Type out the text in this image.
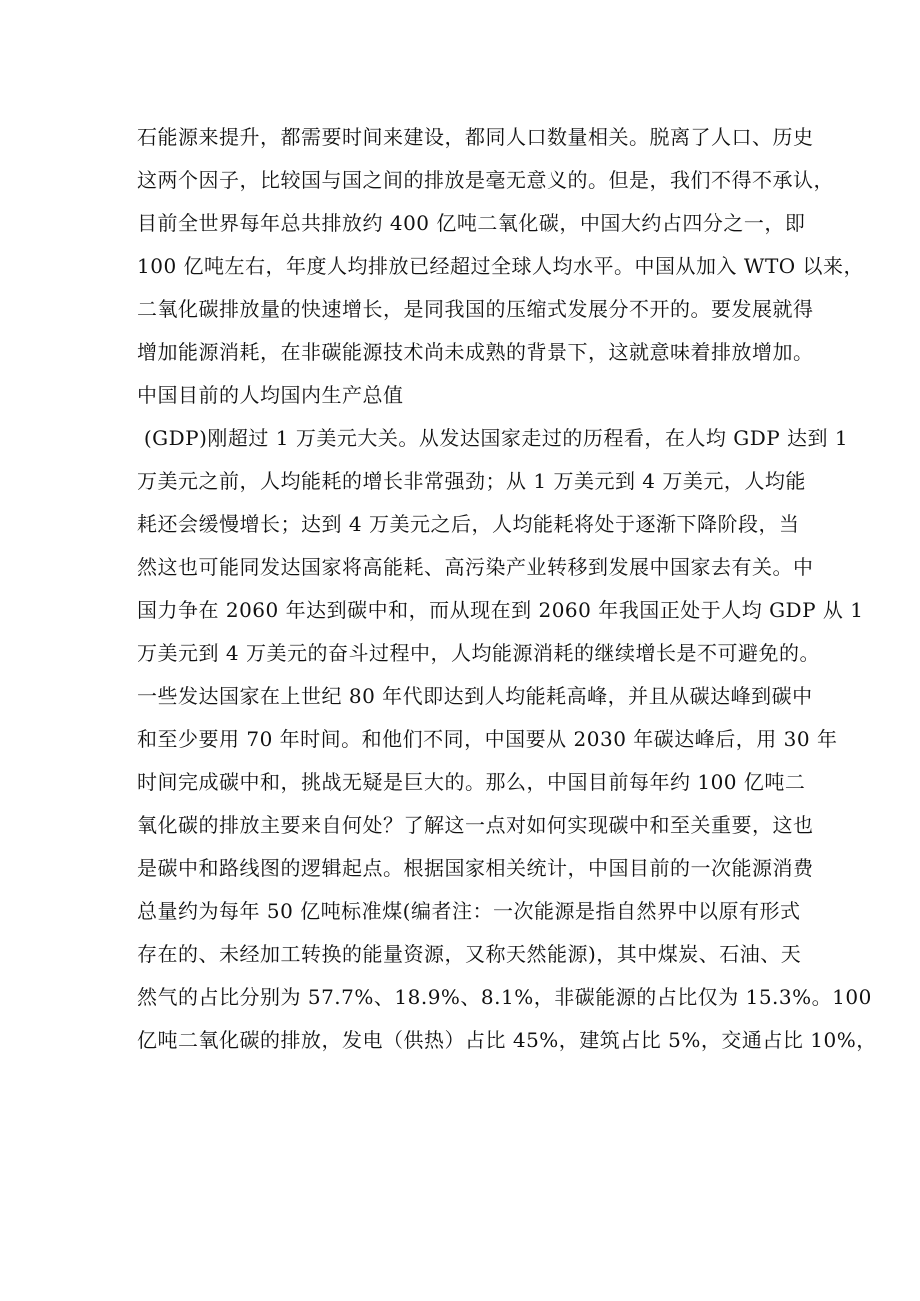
石能源来提升，都需要时间来建设，都同人口数量相关。脱离了人口、历史
这两个因子，比较国与国之间的排放是毫无意义的。但是，我们不得不承认，
目前全世界每年总共排放约 400 亿吨二氧化碳，中国大约占四分之一，即
100 亿吨左右，年度人均排放已经超过全球人均水平。中国从加入 WTO 以来，
二氧化碳排放量的快速增长，是同我国的压缩式发展分不开的。要发展就得
增加能源消耗，在非碳能源技术尚未成熟的背景下，这就意味着排放增加。
中国目前的人均国内生产总值
(GDP)刚超过 1 万美元大关。从发达国家走过的历程看，在人均 GDP 达到 1
万美元之前，人均能耗的增长非常强劲；从 1 万美元到 4 万美元，人均能
耗还会缓慢增长；达到 4 万美元之后，人均能耗将处于逐渐下降阶段，当
然这也可能同发达国家将高能耗、高污染产业转移到发展中国家去有关。中
国力争在 2060 年达到碳中和，而从现在到 2060 年我国正处于人均 GDP 从 1
万美元到 4 万美元的奋斗过程中，人均能源消耗的继续增长是不可避免的。
一些发达国家在上世纪 80 年代即达到人均能耗高峰，并且从碳达峰到碳中
和至少要用 70 年时间。和他们不同，中国要从 2030 年碳达峰后，用 30 年
时间完成碳中和，挑战无疑是巨大的。那么，中国目前每年约 100 亿吨二
氧化碳的排放主要来自何处？了解这一点对如何实现碳中和至关重要，这也
是碳中和路线图的逻辑起点。根据国家相关统计，中国目前的一次能源消费
总量约为每年 50 亿吨标准煤(编者注：一次能源是指自然界中以原有形式
存在的、未经加工转换的能量资源，又称天然能源)，其中煤炭、石油、天
然气的占比分别为 57.7%、18.9%、8.1%，非碳能源的占比仅为 15.3%。100
亿吨二氧化碳的排放，发电（供热）占比 45%，建筑占比 5%，交通占比 10%，
